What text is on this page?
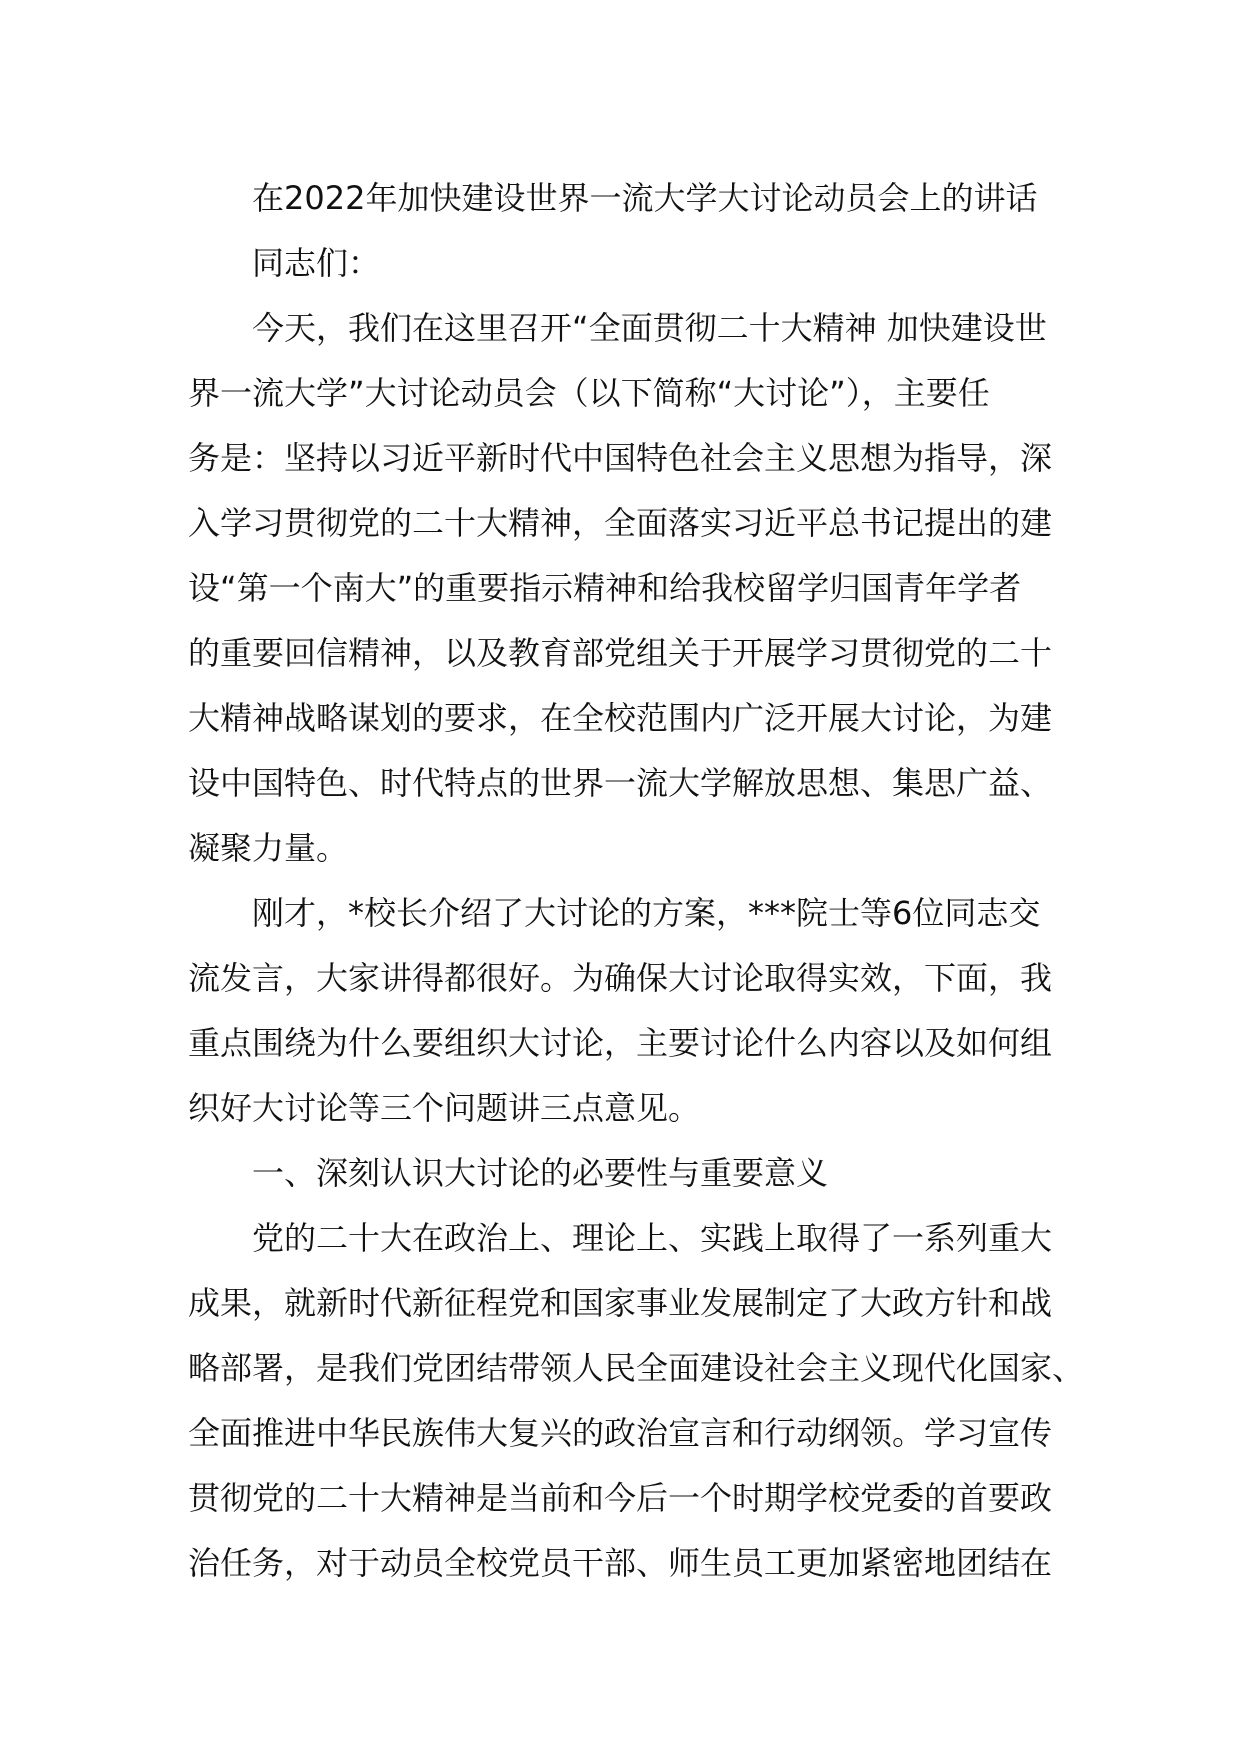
在2022年加快建设世界一流大学大讨论动员会上的讲话
同志们：
今天，我们在这里召开“全面贯彻二十大精神 加快建设世
界一流大学”大讨论动员会（以下简称“大讨论”），主要任
务是：坚持以习近平新时代中国特色社会主义思想为指导，深
入学习贯彻党的二十大精神，全面落实习近平总书记提出的建
设“第一个南大”的重要指示精神和给我校留学归国青年学者
的重要回信精神，以及教育部党组关于开展学习贯彻党的二十
大精神战略谋划的要求，在全校范围内广泛开展大讨论，为建
设中国特色、时代特点的世界一流大学解放思想、集思广益、
凝聚力量。
刚才，*校长介绍了大讨论的方案，***院士等6位同志交
流发言，大家讲得都很好。为确保大讨论取得实效，下面，我
重点围绕为什么要组织大讨论，主要讨论什么内容以及如何组
织好大讨论等三个问题讲三点意见。
一、深刻认识大讨论的必要性与重要意义
党的二十大在政治上、理论上、实践上取得了一系列重大
成果，就新时代新征程党和国家事业发展制定了大政方针和战
略部署，是我们党团结带领人民全面建设社会主义现代化国家、
全面推进中华民族伟大复兴的政治宣言和行动纲领。学习宣传
贯彻党的二十大精神是当前和今后一个时期学校党委的首要政
治任务，对于动员全校党员干部、师生员工更加紧密地团结在
